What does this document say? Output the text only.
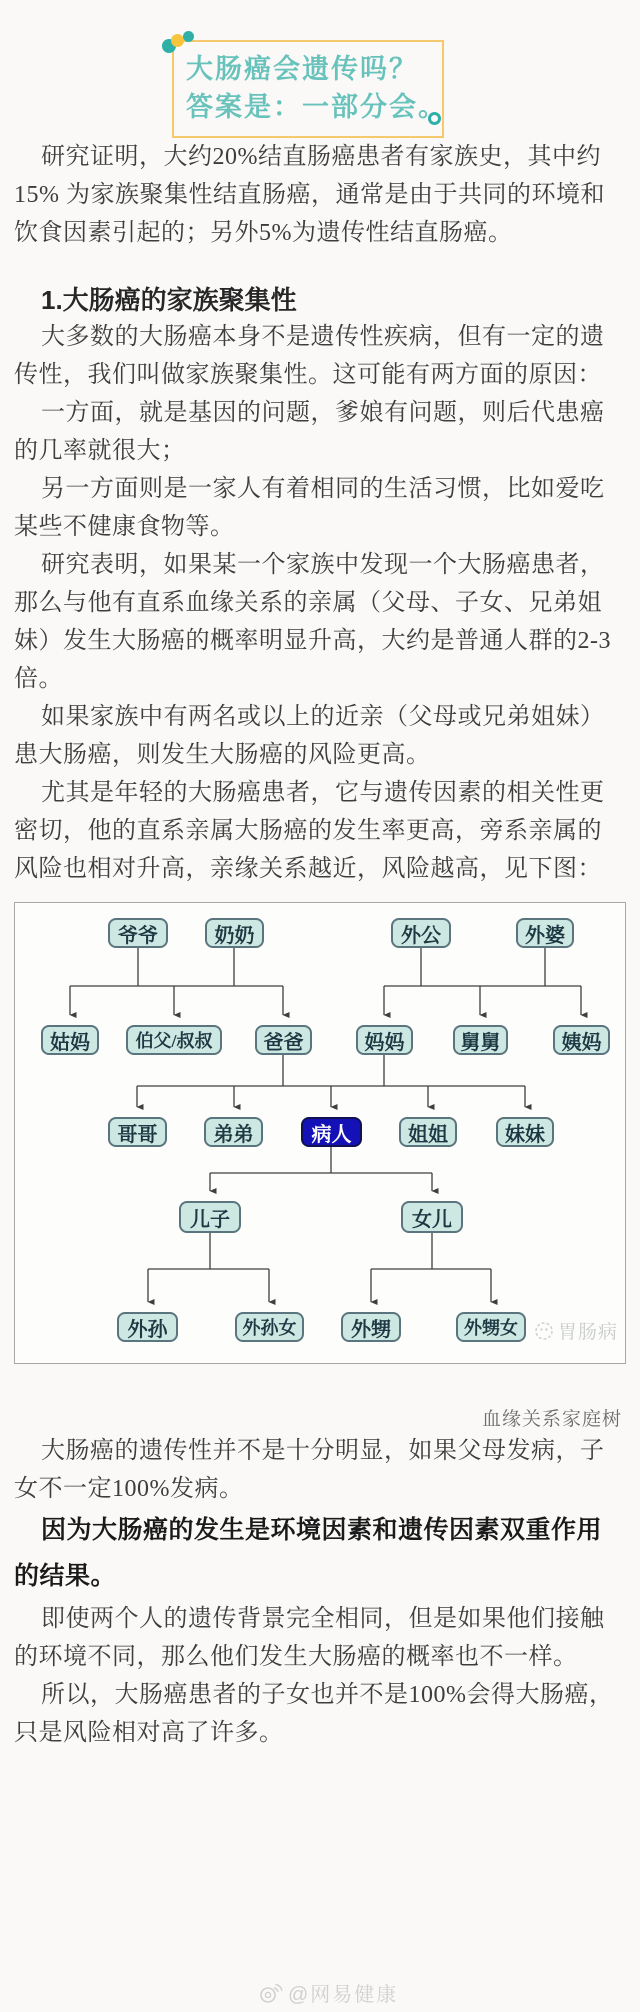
大肠癌会遗传吗？
答案是：一部分会。

研究证明，大约20%结直肠癌患者有家族史，其中约15% 为家族聚集性结直肠癌，通常是由于共同的环境和饮食因素引起的；另外5%为遗传性结直肠癌。

1.大肠癌的家族聚集性

大多数的大肠癌本身不是遗传性疾病，但有一定的遗传性，我们叫做家族聚集性。这可能有两方面的原因：

一方面，就是基因的问题，爹娘有问题，则后代患癌的几率就很大；

另一方面则是一家人有着相同的生活习惯，比如爱吃某些不健康食物等。

研究表明，如果某一个家族中发现一个大肠癌患者，那么与他有直系血缘关系的亲属（父母、子女、兄弟姐妹）发生大肠癌的概率明显升高，大约是普通人群的2-3倍。

如果家族中有两名或以上的近亲（父母或兄弟姐妹）患大肠癌，则发生大肠癌的风险更高。

尤其是年轻的大肠癌患者，它与遗传因素的相关性更密切，他的直系亲属大肠癌的发生率更高，旁系亲属的风险也相对升高，亲缘关系越近，风险越高，见下图：

爷爷	奶奶	外公	外婆
姑妈	伯父/叔叔	爸爸	妈妈	舅舅	姨妈
哥哥	弟弟	病人	姐姐	妹妹
儿子	女儿
外孙	外孙女	外甥	外甥女	胃肠病
血缘关系家庭树

大肠癌的遗传性并不是十分明显，如果父母发病，子女不一定100%发病。

因为大肠癌的发生是环境因素和遗传因素双重作用的结果。

即使两个人的遗传背景完全相同，但是如果他们接触的环境不同，那么他们发生大肠癌的概率也不一样。

所以，大肠癌患者的子女也并不是100%会得大肠癌，只是风险相对高了许多。

@网易健康
